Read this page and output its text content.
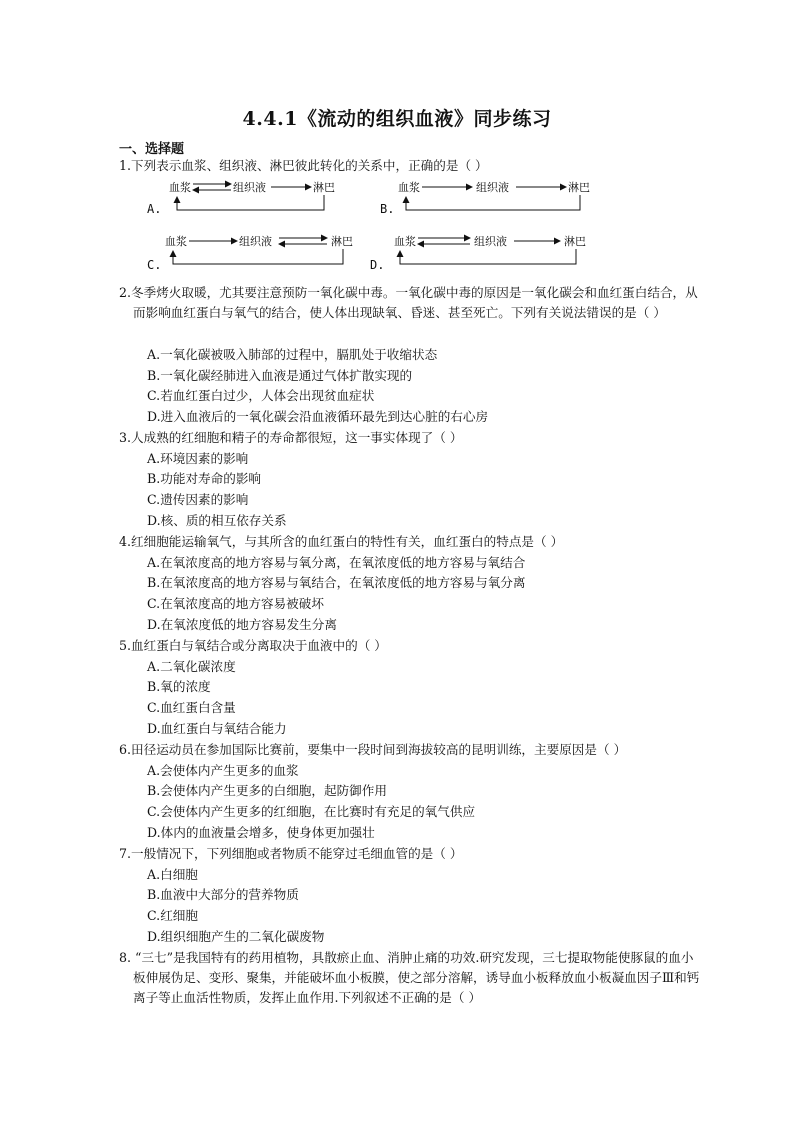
4.4.1《流动的组织血液》同步练习
一、选择题
1.下列表示血浆、组织液、淋巴彼此转化的关系中，正确的是（ ）
A.
血浆	组织液	淋巴
B.
血浆	组织液	淋巴
C.
血浆	组织液	淋巴
D.
血浆	组织液	淋巴
2.冬季烤火取暖，尤其要注意预防一氧化碳中毒。一氧化碳中毒的原因是一氧化碳会和血红蛋白结合，从而影响血红蛋白与氧气的结合，使人体出现缺氧、昏迷、甚至死亡。下列有关说法错误的是（ ）
A.一氧化碳被吸入肺部的过程中，膈肌处于收缩状态
B.一氧化碳经肺进入血液是通过气体扩散实现的
C.若血红蛋白过少，人体会出现贫血症状
D.进入血液后的一氧化碳会沿血液循环最先到达心脏的右心房
3.人成熟的红细胞和精子的寿命都很短，这一事实体现了（ ）
A.环境因素的影响
B.功能对寿命的影响
C.遗传因素的影响
D.核、质的相互依存关系
4.红细胞能运输氧气，与其所含的血红蛋白的特性有关，血红蛋白的特点是（ ）
A.在氧浓度高的地方容易与氧分离，在氧浓度低的地方容易与氧结合
B.在氧浓度高的地方容易与氧结合，在氧浓度低的地方容易与氧分离
C.在氧浓度高的地方容易被破坏
D.在氧浓度低的地方容易发生分离
5.血红蛋白与氧结合或分离取决于血液中的（ ）
A.二氧化碳浓度
B.氧的浓度
C.血红蛋白含量
D.血红蛋白与氧结合能力
6.田径运动员在参加国际比赛前，要集中一段时间到海拔较高的昆明训练，主要原因是（ ）
A.会使体内产生更多的血浆
B.会使体内产生更多的白细胞，起防御作用
C.会使体内产生更多的红细胞，在比赛时有充足的氧气供应
D.体内的血液量会增多，使身体更加强壮
7.一般情况下，下列细胞或者物质不能穿过毛细血管的是（ ）
A.白细胞
B.血液中大部分的营养物质
C.红细胞
D.组织细胞产生的二氧化碳废物
8. “三七”是我国特有的药用植物，具散瘀止血、消肿止痛的功效.研究发现，三七提取物能使豚鼠的血小板伸展伪足、变形、聚集，并能破坏血小板膜，使之部分溶解，诱导血小板释放血小板凝血因子Ⅲ和钙离子等止血活性物质，发挥止血作用.下列叙述不正确的是（ ）
